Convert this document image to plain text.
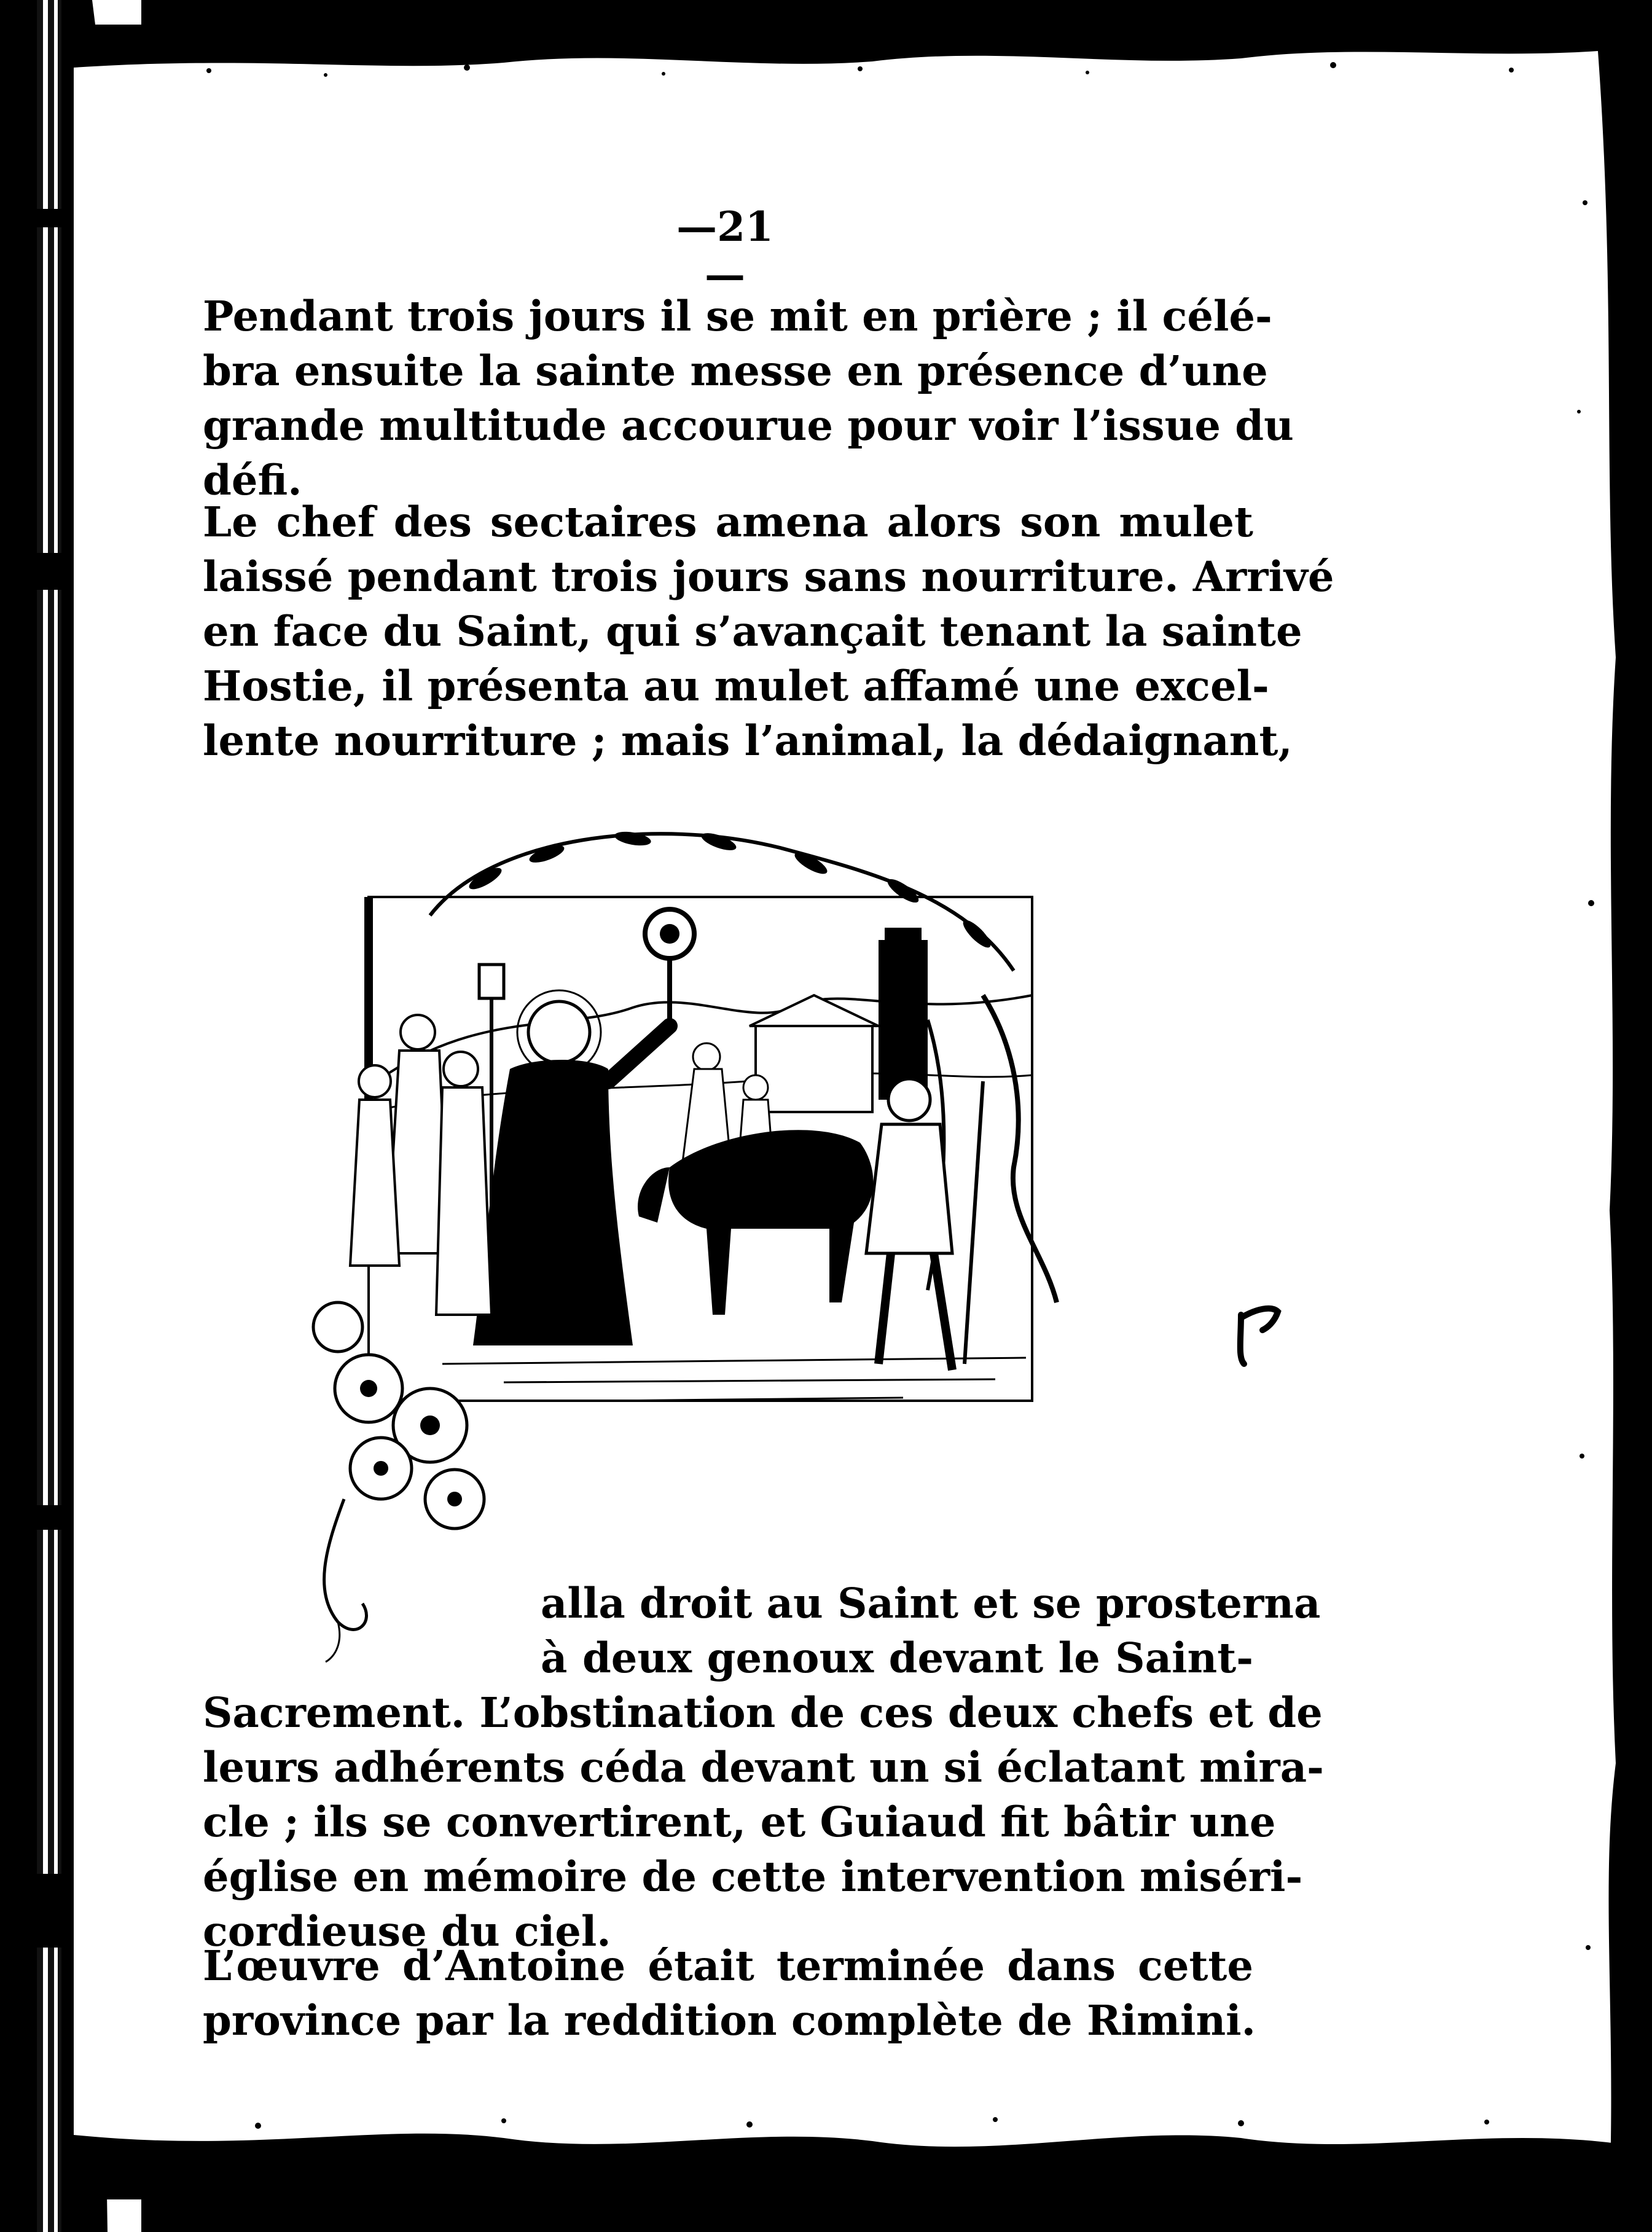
—21—
Pendant trois jours il se mit en prière ; il célé-
bra ensuite la sainte messe en présence d’une
grande multitude accourue pour voir l’issue du
défi.
Le chef des sectaires amena alors son mulet
laissé pendant trois jours sans nourriture. Arrivé
en face du Saint, qui s’avançait tenant la sainte
Hostie, il présenta au mulet affamé une excel-
lente nourriture ; mais l’animal, la dédaignant,
alla droit au Saint et se prosterna
à deux genoux devant le Saint-
Sacrement. L’obstination de ces deux chefs et de
leurs adhérents céda devant un si éclatant mira-
cle ; ils se convertirent, et Guiaud fit bâtir une
église en mémoire de cette intervention miséri-
cordieuse du ciel.
L’œuvre d’Antoine était terminée dans cette
province par la reddition complète de Rimini.
